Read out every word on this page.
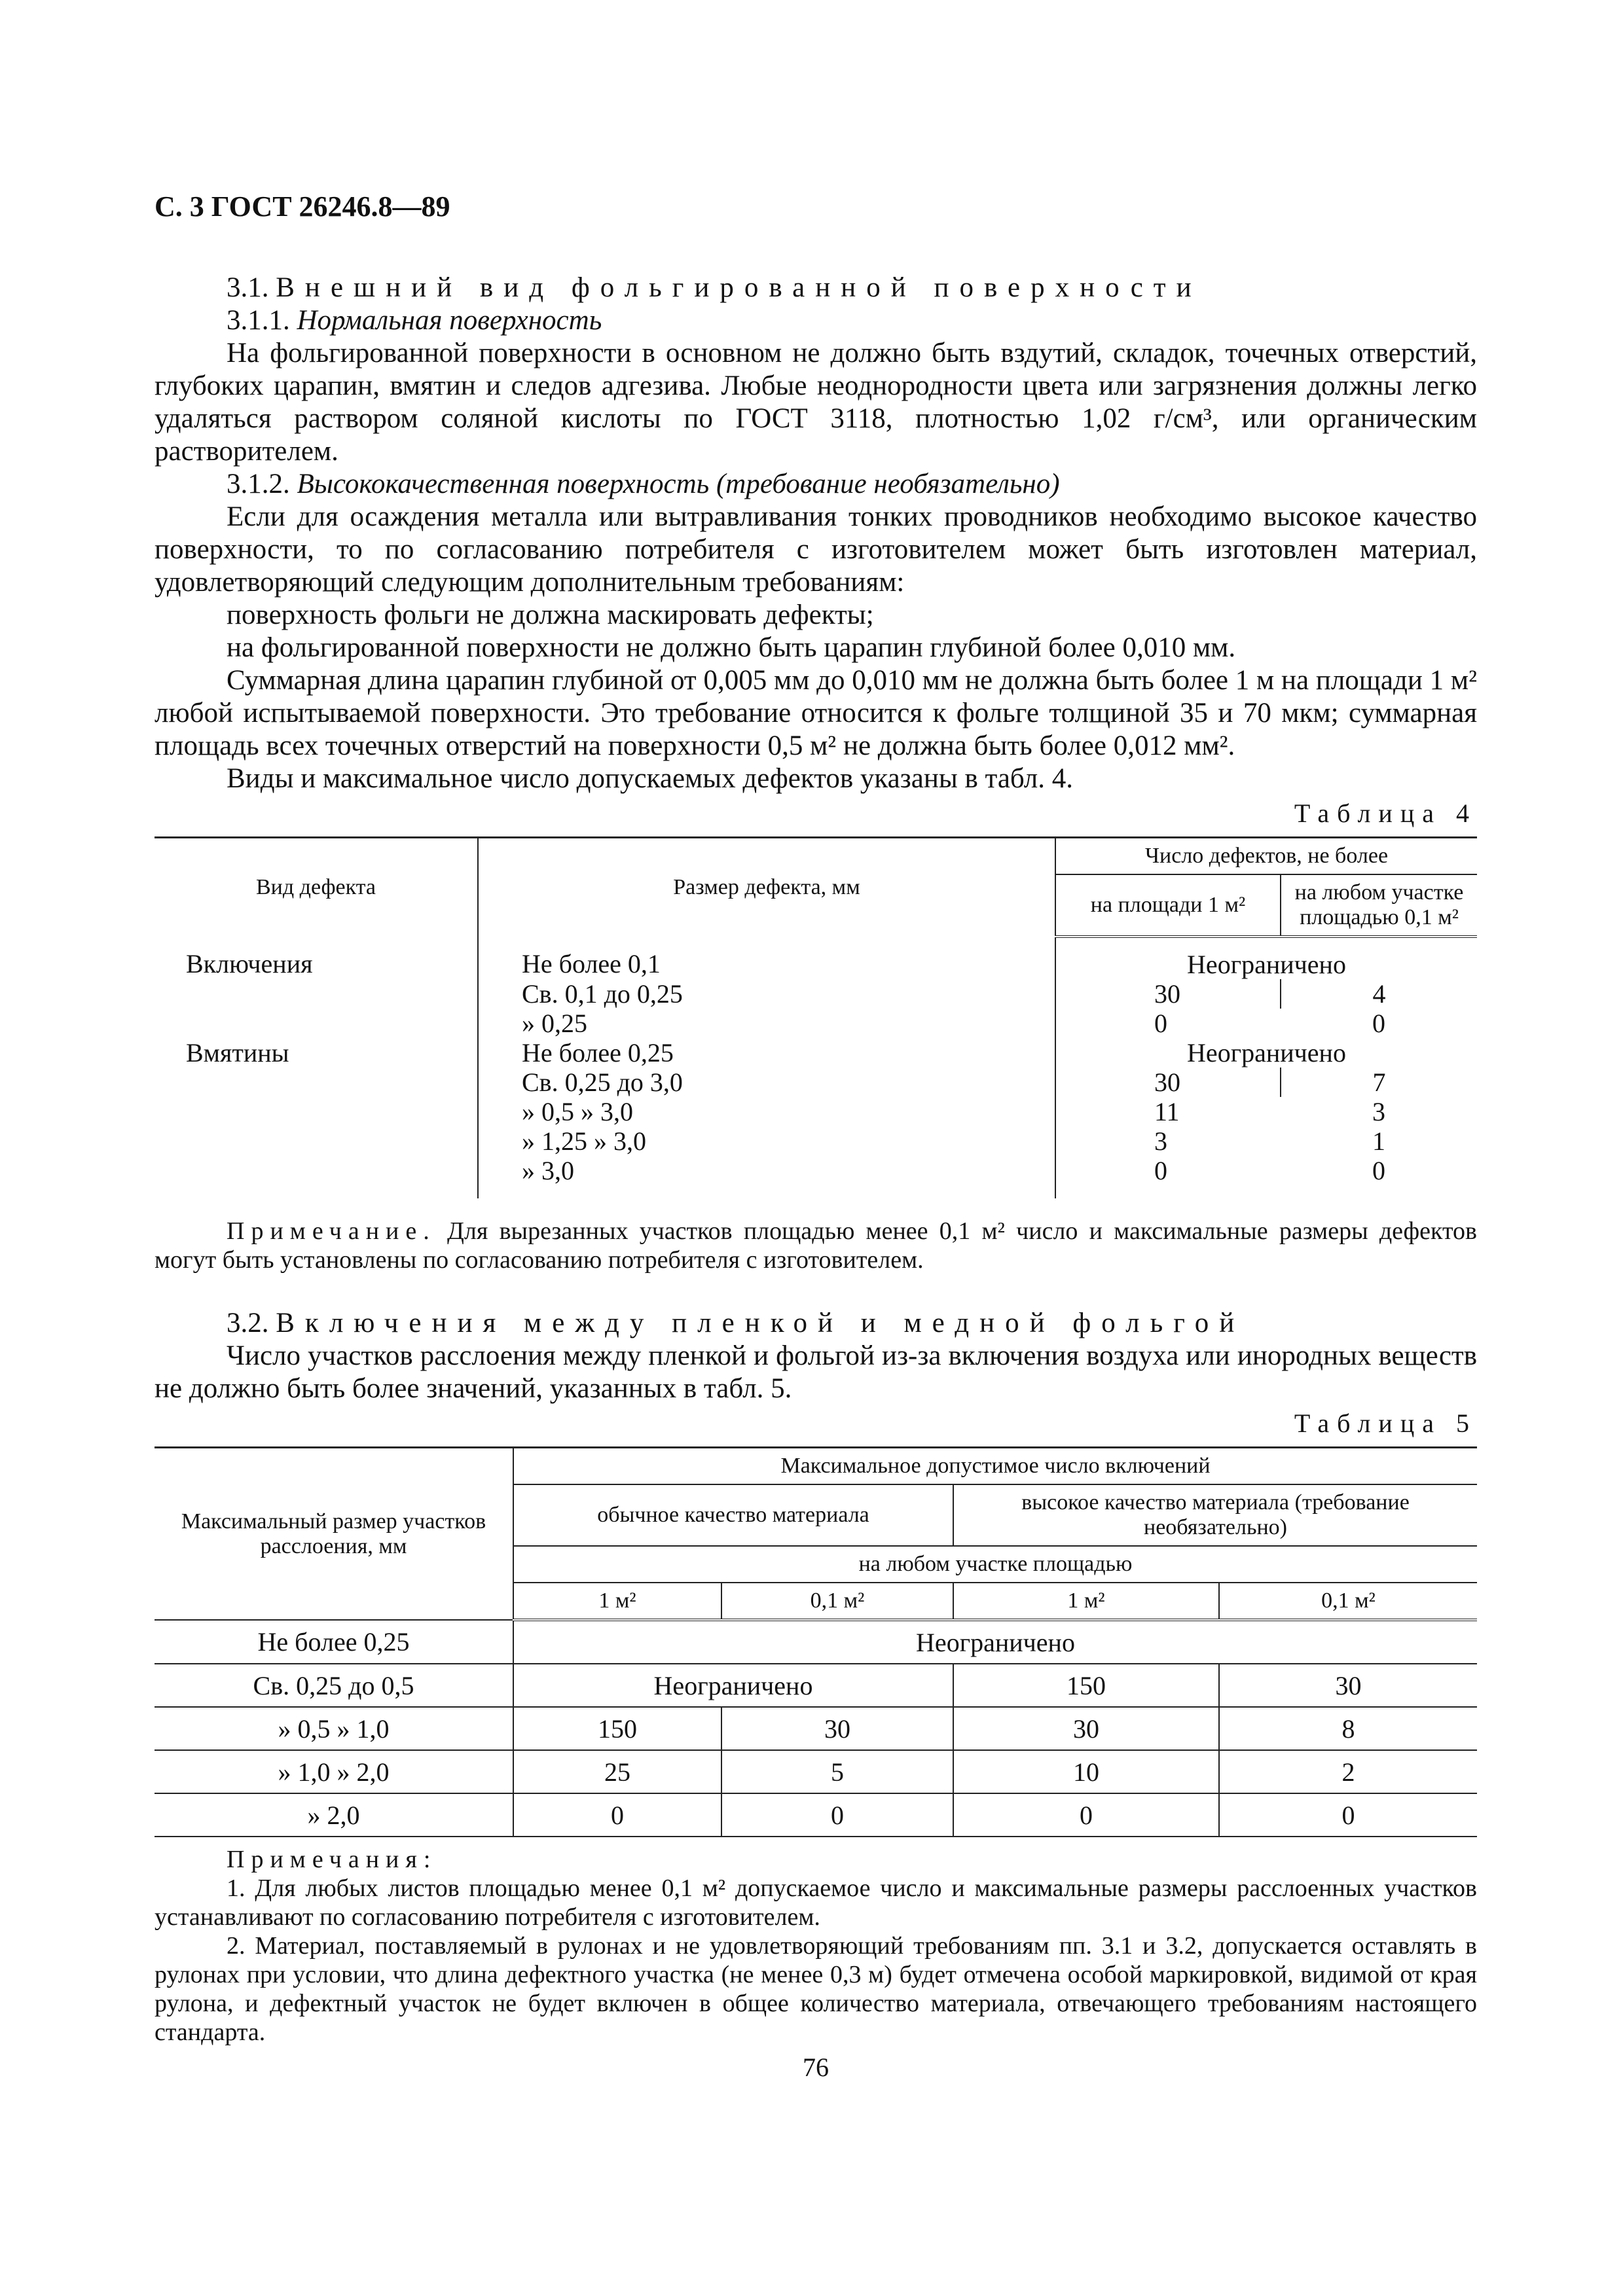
С. 3 ГОСТ 26246.8—89

3.1. Внешний вид фольгированной поверхности

3.1.1. Нормальная поверхность

На фольгированной поверхности в основном не должно быть вздутий, складок, точечных отверстий, глубоких царапин, вмятин и следов адгезива. Любые неоднородности цвета или загрязнения должны легко удаляться раствором соляной кислоты по ГОСТ 3118, плотностью 1,02 г/см³, или органическим растворителем.

3.1.2. Высококачественная поверхность (требование необязательно)

Если для осаждения металла или вытравливания тонких проводников необходимо высокое качество поверхности, то по согласованию потребителя с изготовителем может быть изготовлен материал, удовлетворяющий следующим дополнительным требованиям:

поверхность фольги не должна маскировать дефекты;

на фольгированной поверхности не должно быть царапин глубиной более 0,010 мм.

Суммарная длина царапин глубиной от 0,005 мм до 0,010 мм не должна быть более 1 м на площади 1 м² любой испытываемой поверхности. Это требование относится к фольге толщиной 35 и 70 мкм; суммарная площадь всех точечных отверстий на поверхности 0,5 м² не должна быть более 0,012 мм².

Виды и максимальное число допускаемых дефектов указаны в табл. 4.

Таблица 4
Вид дефекта	Размер дефекта, мм	Число дефектов, не более	
		на площади 1 м²	на любом участке площадью 0,1 м²
Включения	Не более 0,1	Неограничено	
	Св. 0,1 до 0,25	30	4
	» 0,25	0	0
Вмятины	Не более 0,25	Неограничено	
	Св. 0,25 до 3,0	30	7
	» 0,5 » 3,0	11	3
	» 1,25 » 3,0	3	1
	» 3,0	0	0

Примечание. Для вырезанных участков площадью менее 0,1 м² число и максимальные размеры дефектов могут быть установлены по согласованию потребителя с изготовителем.

3.2. Включения между пленкой и медной фольгой

Число участков расслоения между пленкой и фольгой из-за включения воздуха или инородных веществ не должно быть более значений, указанных в табл. 5.

Таблица 5
Максимальный размер участков расслоения, мм	Максимальное допустимое число включений			
	обычное качество материала		высокое качество материала (требование необязательно)	
	на любом участке площадью			
	1 м²	0,1 м²	1 м²	0,1 м²
Не более 0,25	Неограничено			
Св. 0,25 до 0,5	Неограничено		150	30
» 0,5 » 1,0	150	30	30	8
» 1,0 » 2,0	25	5	10	2
» 2,0	0	0	0	0

Примечания:

1. Для любых листов площадью менее 0,1 м² допускаемое число и максимальные размеры расслоенных участков устанавливают по согласованию потребителя с изготовителем.

2. Материал, поставляемый в рулонах и не удовлетворяющий требованиям пп. 3.1 и 3.2, допускается оставлять в рулонах при условии, что длина дефектного участка (не менее 0,3 м) будет отмечена особой маркировкой, видимой от края рулона, и дефектный участок не будет включен в общее количество материала, отвечающего требованиям настоящего стандарта.

76
